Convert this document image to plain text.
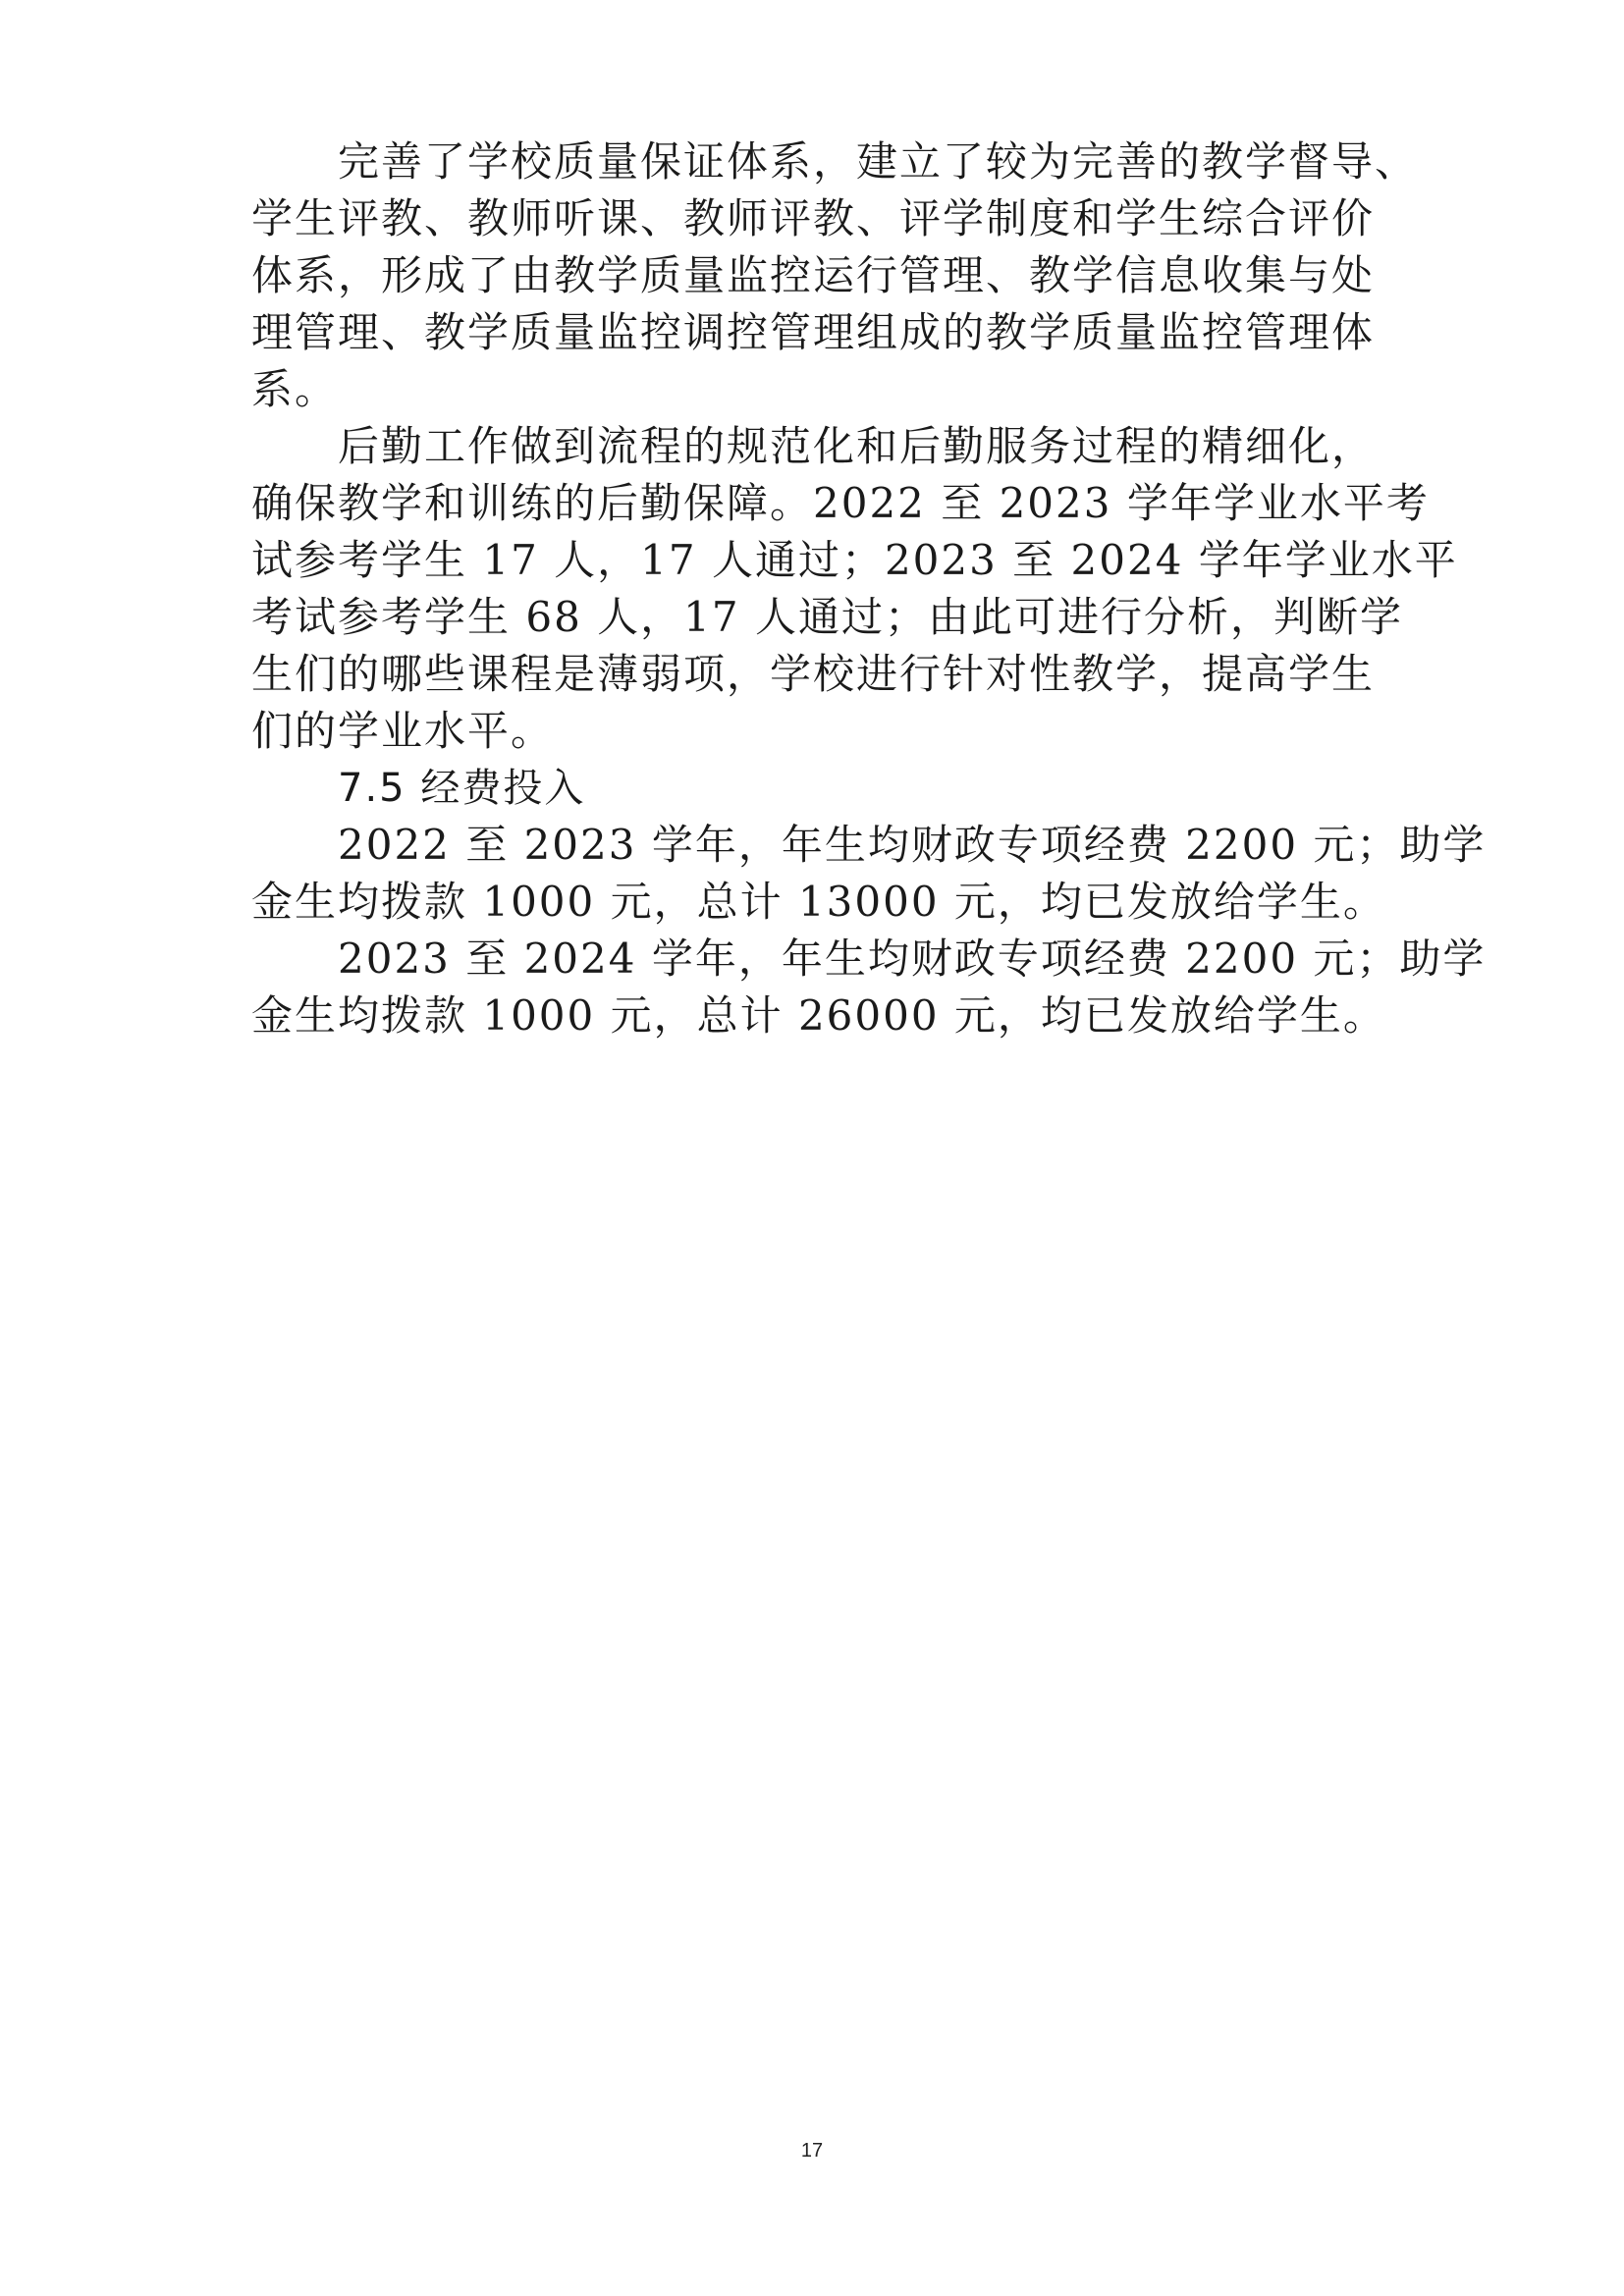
完善了学校质量保证体系，建立了较为完善的教学督导、
学生评教、教师听课、教师评教、评学制度和学生综合评价
体系，形成了由教学质量监控运行管理、教学信息收集与处
理管理、教学质量监控调控管理组成的教学质量监控管理体
系。
后勤工作做到流程的规范化和后勤服务过程的精细化，
确保教学和训练的后勤保障。2022 至 2023 学年学业水平考
试参考学生 17 人，17 人通过；2023 至 2024 学年学业水平
考试参考学生 68 人，17 人通过；由此可进行分析，判断学
生们的哪些课程是薄弱项，学校进行针对性教学，提高学生
们的学业水平。
7.5 经费投入
2022 至 2023 学年，年生均财政专项经费 2200 元；助学
金生均拨款 1000 元，总计 13000 元，均已发放给学生。
2023 至 2024 学年，年生均财政专项经费 2200 元；助学
金生均拨款 1000 元，总计 26000 元，均已发放给学生。
17
